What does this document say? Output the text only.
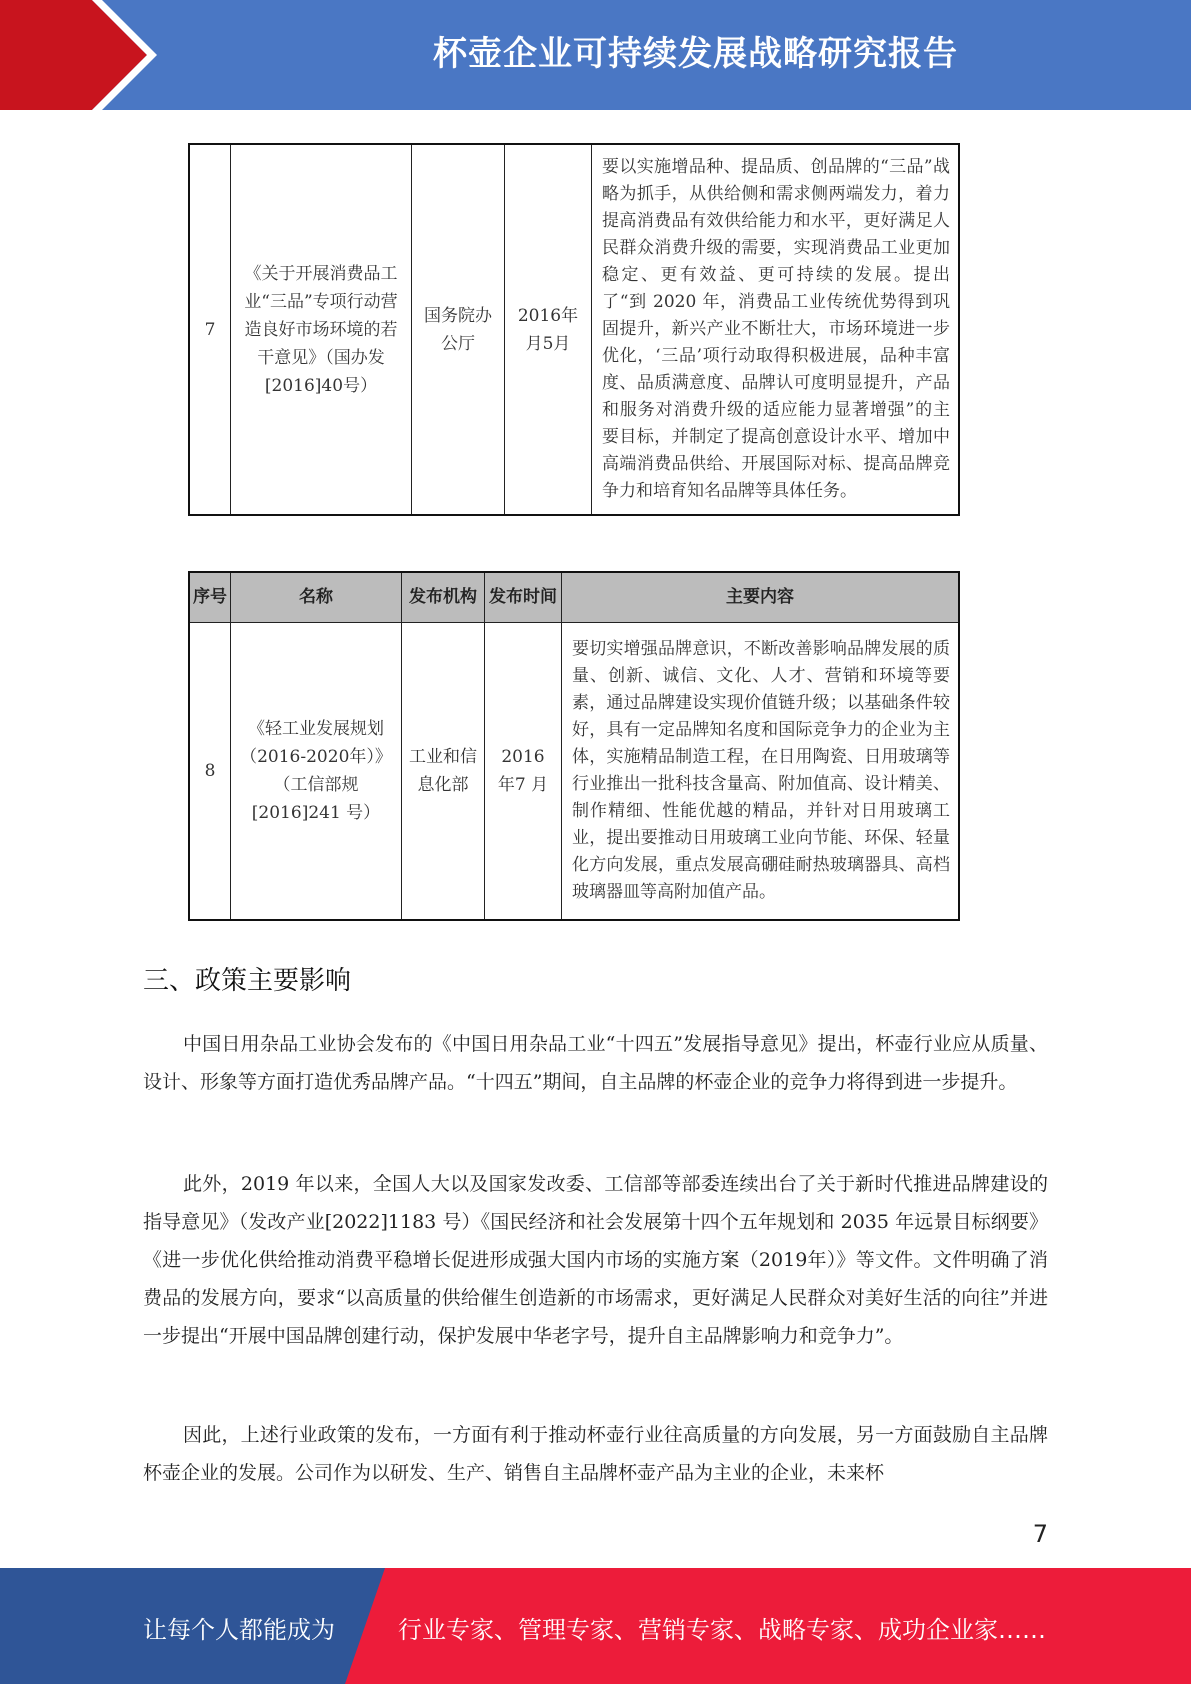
杯壶企业可持续发展战略研究报告
7	《关于开展消费品工业“三品”专项行动营造良好市场环境的若干意见》（国办发[2016]40号）	国务院办公厅	2016年月5月	要以实施增品种、提品质、创品牌的“三品”战略为抓手，从供给侧和需求侧两端发力，着力提高消费品有效供给能力和水平，更好满足人民群众消费升级的需要，实现消费品工业更加稳定、更有效益、更可持续的发展。提出了“到 2020 年，消费品工业传统优势得到巩固提升，新兴产业不断壮大，市场环境进一步优化，‘三品’项行动取得积极进展，品种丰富度、品质满意度、品牌认可度明显提升，产品和服务对消费升级的适应能力显著增强”的主要目标，并制定了提高创意设计水平、增加中高端消费品供给、开展国际对标、提高品牌竞争力和培育知名品牌等具体任务。
序号	名称	发布机构	发布时间	主要内容
8	《轻工业发展规划（2016-2020年）》（工信部规[2016]241 号）	工业和信息化部	2016 年7 月	要切实增强品牌意识，不断改善影响品牌发展的质量、创新、诚信、文化、人才、营销和环境等要素，通过品牌建设实现价值链升级；以基础条件较好，具有一定品牌知名度和国际竞争力的企业为主体，实施精品制造工程，在日用陶瓷、日用玻璃等行业推出一批科技含量高、附加值高、设计精美、制作精细、性能优越的精品，并针对日用玻璃工业，提出要推动日用玻璃工业向节能、环保、轻量化方向发展，重点发展高硼硅耐热玻璃器具、高档玻璃器皿等高附加值产品。
三、政策主要影响
中国日用杂品工业协会发布的《中国日用杂品工业“十四五”发展指导意见》提出，杯壶行业应从质量、设计、形象等方面打造优秀品牌产品。“十四五”期间，自主品牌的杯壶企业的竞争力将得到进一步提升。
此外，2019 年以来，全国人大以及国家发改委、工信部等部委连续出台了关于新时代推进品牌建设的指导意见》（发改产业[2022]1183 号）《国民经济和社会发展第十四个五年规划和 2035 年远景目标纲要》《进一步优化供给推动消费平稳增长促进形成强大国内市场的实施方案（2019年）》等文件。文件明确了消费品的发展方向，要求“以高质量的供给催生创造新的市场需求，更好满足人民群众对美好生活的向往”并进一步提出“开展中国品牌创建行动，保护发展中华老字号，提升自主品牌影响力和竞争力”。
因此，上述行业政策的发布，一方面有利于推动杯壶行业往高质量的方向发展，另一方面鼓励自主品牌杯壶企业的发展。公司作为以研发、生产、销售自主品牌杯壶产品为主业的企业，未来杯
7
让每个人都能成为	行业专家、管理专家、营销专家、战略专家、成功企业家……
